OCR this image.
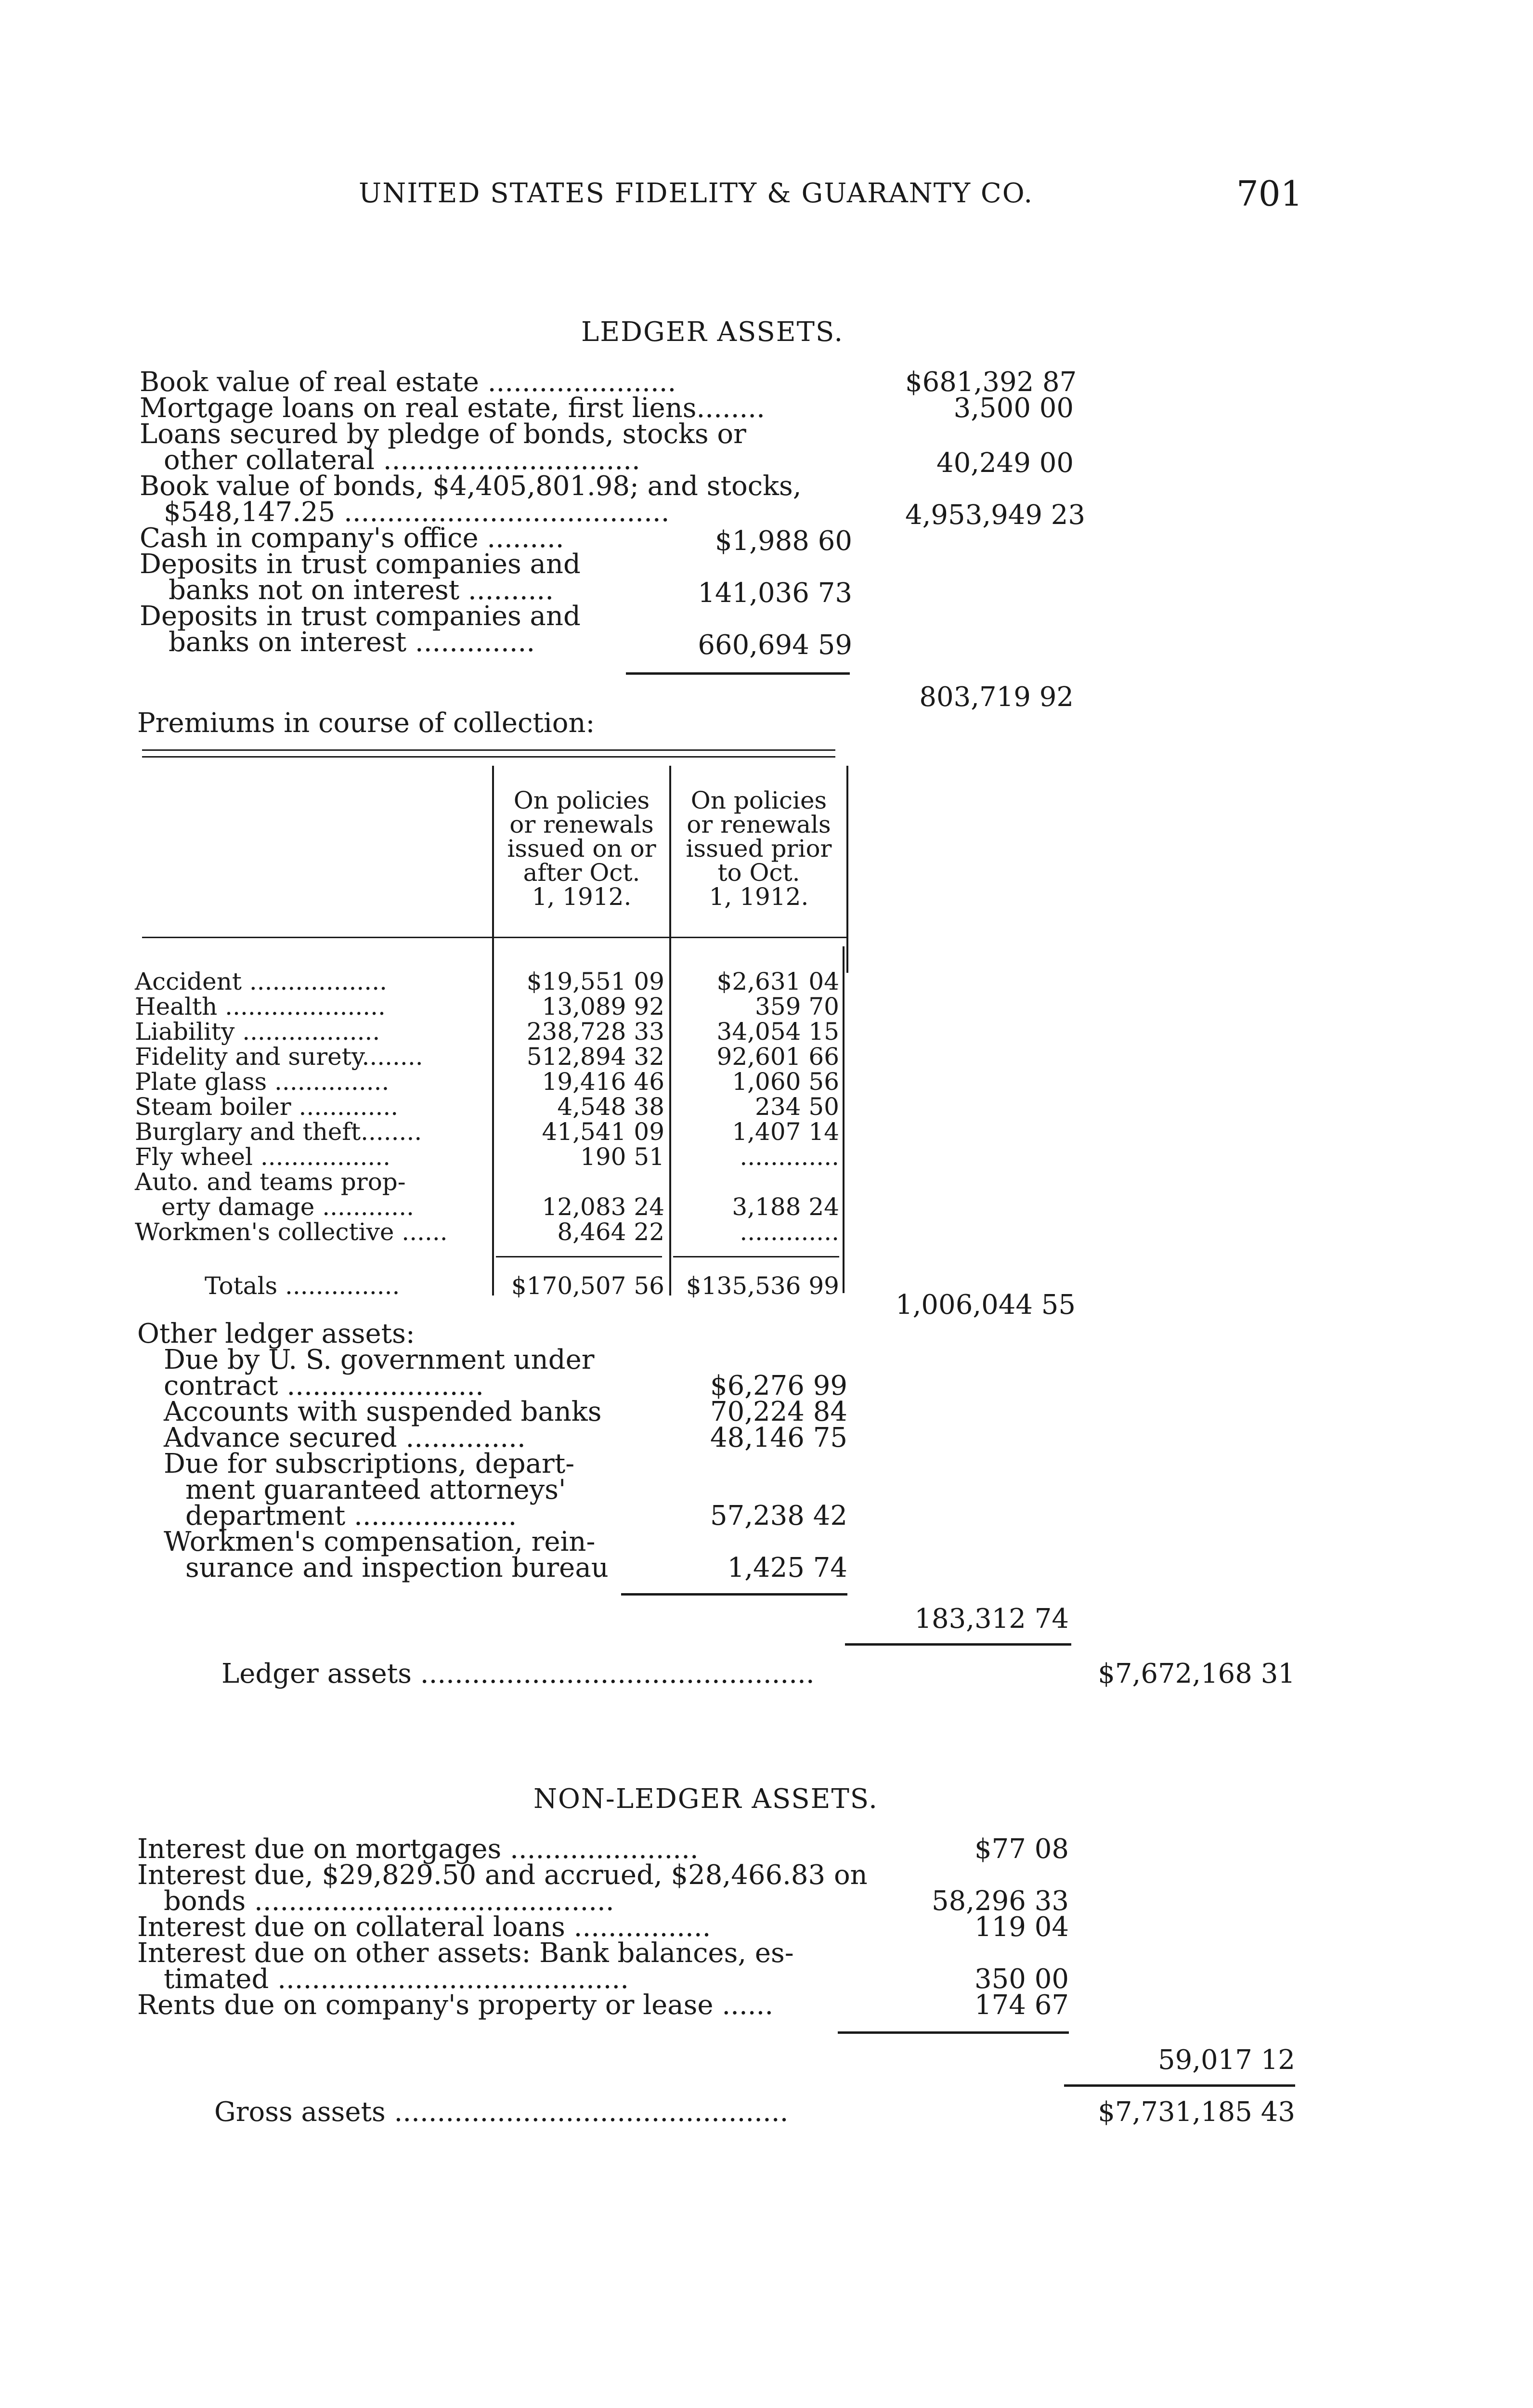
UNITED STATES FIDELITY & GUARANTY CO.	701
LEDGER ASSETS.
Book value of real estate ......................	$681,392 87
Mortgage loans on real estate, first liens........	3,500 00
Loans secured by pledge of bonds, stocks or
other collateral ..............................	40,249 00
Book value of bonds, $4,405,801.98; and stocks,
$548,147.25 ......................................	4,953,949 23
Cash in company's office .........	$1,988 60
Deposits in trust companies and
banks not on interest ..........	141,036 73
Deposits in trust companies and
banks on interest ..............	660,694 59
803,719 92
Premiums in course of collection:
On policies
or renewals
issued on or
after Oct.
1, 1912.
On policies
or renewals
issued prior
to Oct.
1, 1912.
Accident ..................	$19,551 09	$2,631 04
Health .....................	13,089 92	359 70
Liability ..................	238,728 33	34,054 15
Fidelity and surety........	512,894 32	92,601 66
Plate glass ...............	19,416 46	1,060 56
Steam boiler .............	4,548 38	234 50
Burglary and theft........	41,541 09	1,407 14
Fly wheel .................	190 51	.............
Auto. and teams prop-
erty damage ............	12,083 24	3,188 24
Workmen's collective ......	8,464 22	.............
Totals ...............	$170,507 56 $135,536 99
1,006,044 55
Other ledger assets:
Due by U. S. government under
contract .......................	$6,276 99
Accounts with suspended banks	70,224 84
Advance secured ..............	48,146 75
Due for subscriptions, depart-
ment guaranteed attorneys'
department ...................	57,238 42
Workmen's compensation, rein-
surance and inspection bureau	1,425 74
183,312 74
Ledger assets ..............................................	$7,672,168 31
NON-LEDGER ASSETS.
Interest due on mortgages ......................	$77 08
Interest due, $29,829.50 and accrued, $28,466.83 on
bonds ..........................................	58,296 33
Interest due on collateral loans ................	119 04
Interest due on other assets: Bank balances, es-
timated .........................................	350 00
Rents due on company's property or lease ......	174 67
59,017 12
Gross assets ..............................................	$7,731,185 43
